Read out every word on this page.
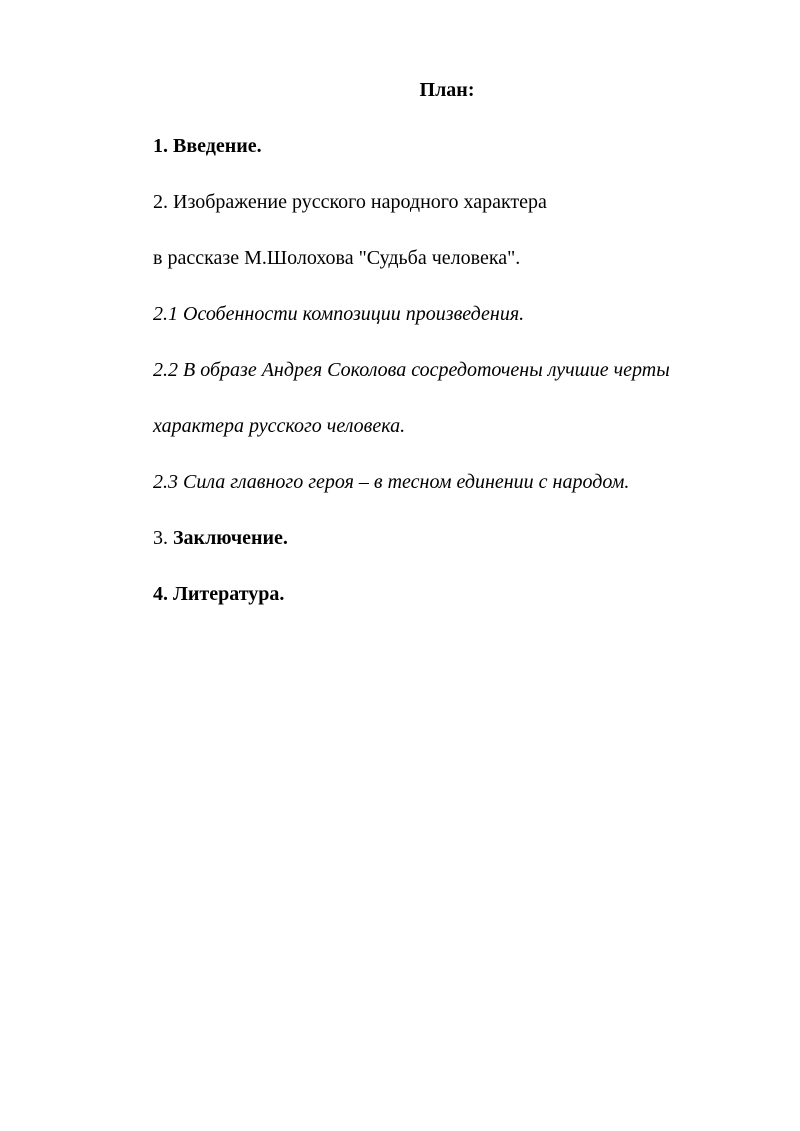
План:
1. Введение.
2. Изображение русского народного характера
в рассказе М.Шолохова "Судьба человека".
2.1 Особенности композиции произведения.
2.2 В образе Андрея Соколова сосредоточены лучшие черты
характера русского человека.
2.3 Сила главного героя – в тесном единении с народом.
3. Заключение.
4. Литература.
